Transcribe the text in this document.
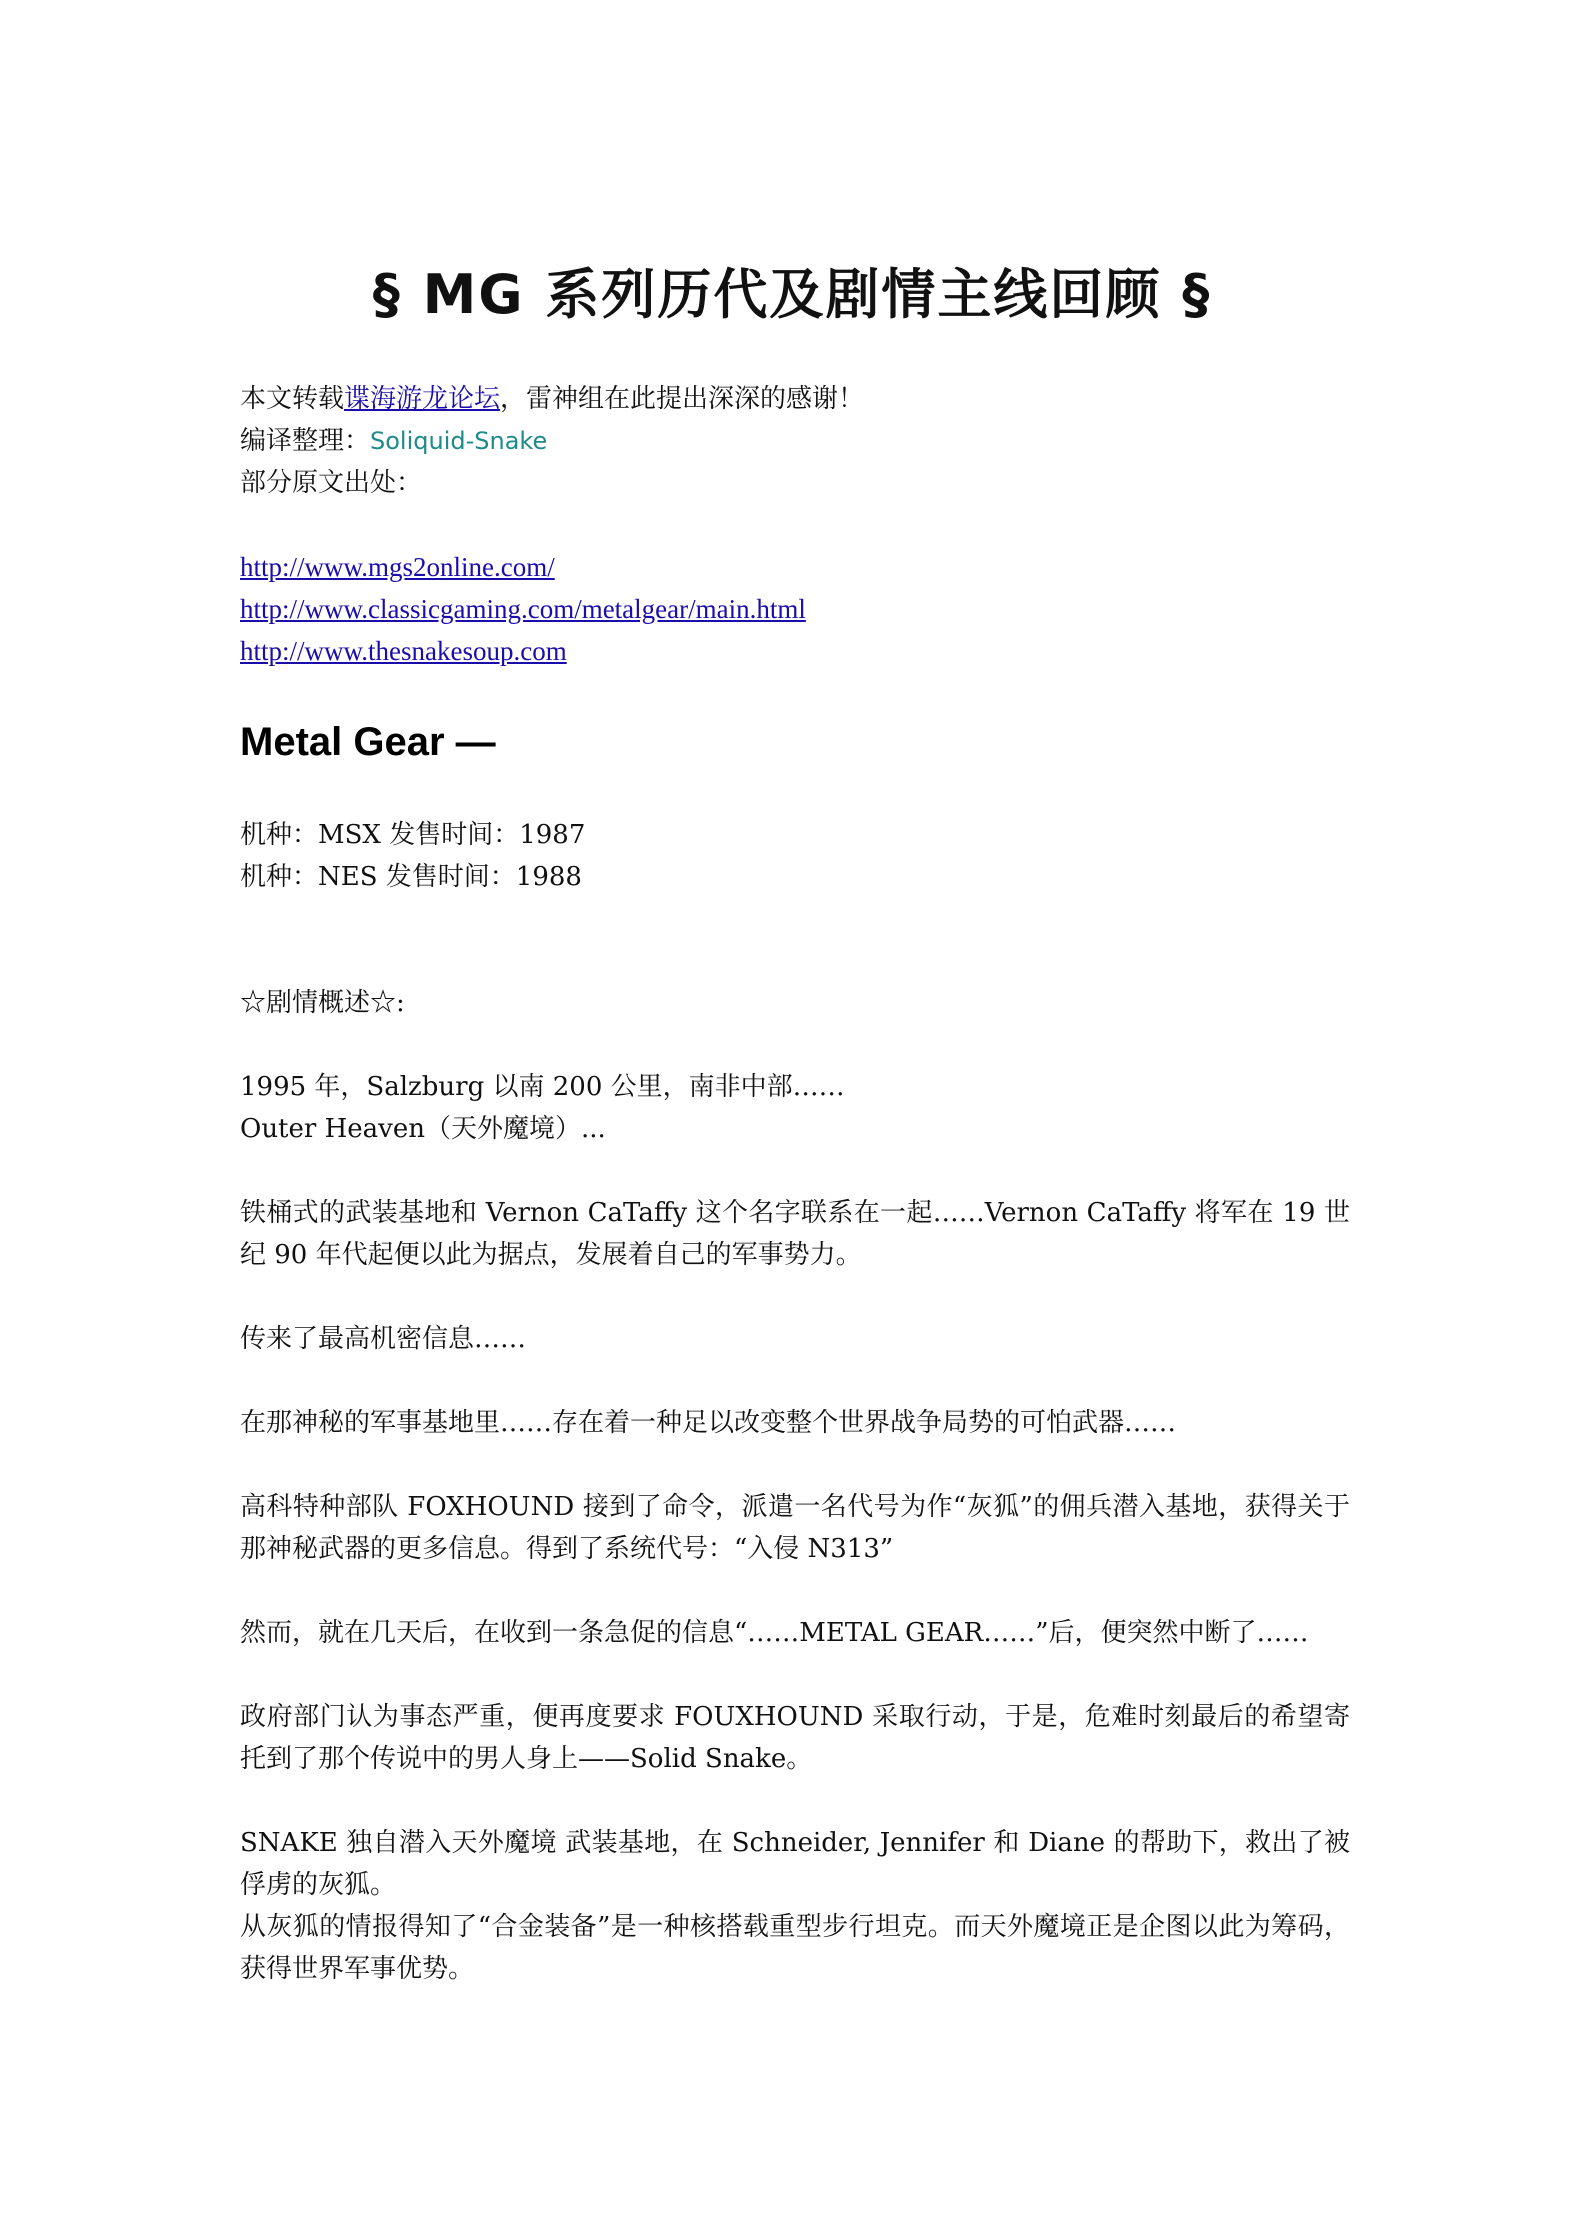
§ MG 系列历代及剧情主线回顾 §
本文转载谍海游龙论坛，雷神组在此提出深深的感谢！
编译整理：Soliquid-Snake
部分原文出处：
http://www.mgs2online.com/
http://www.classicgaming.com/metalgear/main.html
http://www.thesnakesoup.com
Metal Gear —
机种：MSX 发售时间：1987
机种：NES 发售时间：1988
☆剧情概述☆:
1995 年，Salzburg 以南 200 公里，南非中部……
Outer Heaven（天外魔境）...
铁桶式的武装基地和 Vernon CaTaffy 这个名字联系在一起……Vernon CaTaffy 将军在 19 世纪 90 年代起便以此为据点，发展着自己的军事势力。
传来了最高机密信息……
在那神秘的军事基地里……存在着一种足以改变整个世界战争局势的可怕武器……
高科特种部队 FOXHOUND 接到了命令，派遣一名代号为作“灰狐”的佣兵潜入基地，获得关于那神秘武器的更多信息。得到了系统代号：“入侵 N313”
然而，就在几天后，在收到一条急促的信息“……METAL GEAR……”后，便突然中断了……
政府部门认为事态严重，便再度要求 FOUXHOUND 采取行动，于是，危难时刻最后的希望寄托到了那个传说中的男人身上——Solid Snake。
SNAKE 独自潜入天外魔境 武装基地，在 Schneider, Jennifer 和 Diane 的帮助下，救出了被俘虏的灰狐。
从灰狐的情报得知了“合金装备”是一种核搭载重型步行坦克。而天外魔境正是企图以此为筹码，获得世界军事优势。
